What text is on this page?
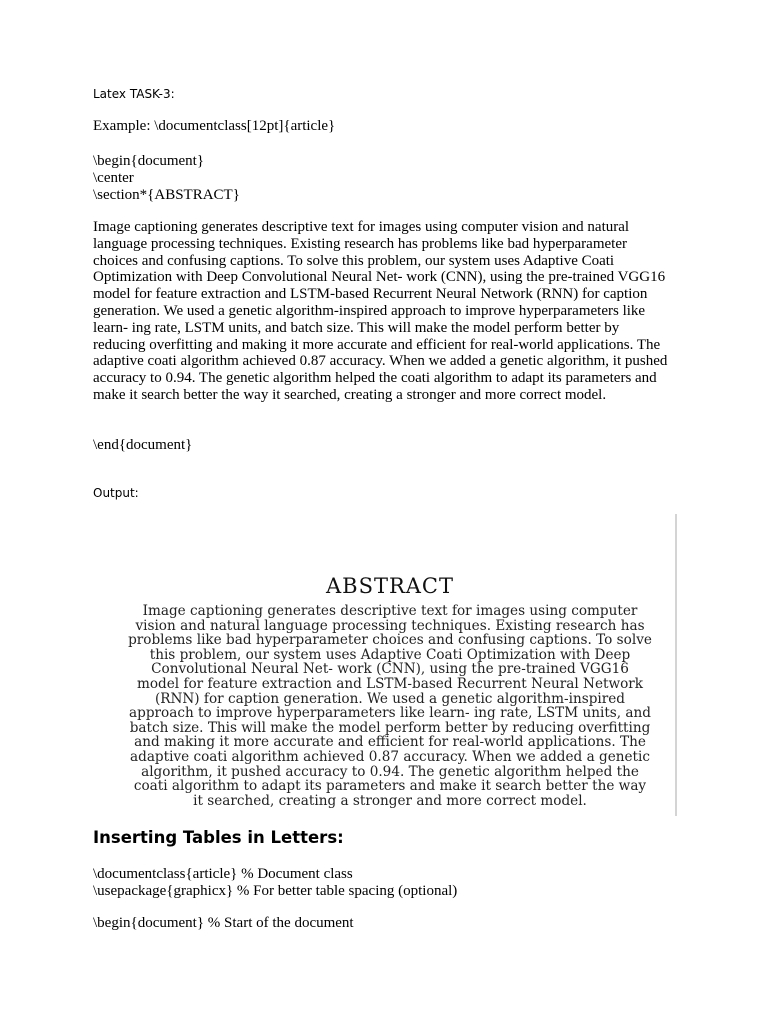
Latex TASK-3:
Example: \documentclass[12pt]{article}
\begin{document}
\center
\section*{ABSTRACT}
Image captioning generates descriptive text for images using computer vision and natural language processing techniques. Existing research has problems like bad hyperparameter choices and confusing captions. To solve this problem, our system uses Adaptive Coati Optimization with Deep Convolutional Neural Net- work (CNN), using the pre-trained VGG16 model for feature extraction and LSTM-based Recurrent Neural Network (RNN) for caption generation. We used a genetic algorithm-inspired approach to improve hyperparameters like learn- ing rate, LSTM units, and batch size. This will make the model perform better by reducing overfitting and making it more accurate and efficient for real-world applications. The adaptive coati algorithm achieved 0.87 accuracy. When we added a genetic algorithm, it pushed accuracy to 0.94. The genetic algorithm helped the coati algorithm to adapt its parameters and make it search better the way it searched, creating a stronger and more correct model.
\end{document}
Output:
ABSTRACT
Image captioning generates descriptive text for images using computer
vision and natural language processing techniques. Existing research has
problems like bad hyperparameter choices and confusing captions. To solve
this problem, our system uses Adaptive Coati Optimization with Deep
Convolutional Neural Net- work (CNN), using the pre-trained VGG16
model for feature extraction and LSTM-based Recurrent Neural Network
(RNN) for caption generation. We used a genetic algorithm-inspired
approach to improve hyperparameters like learn- ing rate, LSTM units, and
batch size. This will make the model perform better by reducing overfitting
and making it more accurate and efficient for real-world applications. The
adaptive coati algorithm achieved 0.87 accuracy. When we added a genetic
algorithm, it pushed accuracy to 0.94. The genetic algorithm helped the
coati algorithm to adapt its parameters and make it search better the way
it searched, creating a stronger and more correct model.
Inserting Tables in Letters:
\documentclass{article} % Document class
\usepackage{graphicx} % For better table spacing (optional)
\begin{document} % Start of the document
